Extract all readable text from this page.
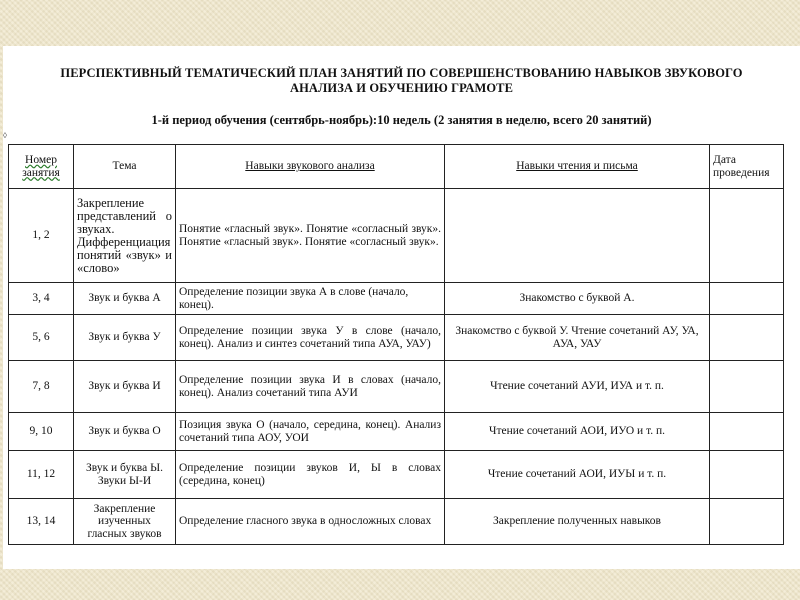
ПЕРСПЕКТИВНЫЙ ТЕМАТИЧЕСКИЙ ПЛАН ЗАНЯТИЙ ПО СОВЕРШЕНСТВОВАНИЮ НАВЫКОВ ЗВУКОВОГО
АНАЛИЗА И ОБУЧЕНИЮ ГРАМОТЕ
◊
1-й период обучения (сентябрь-ноябрь):10 недель (2 занятия в неделю, всего 20 занятий)
Номер занятия	Тема	Навыки звукового анализа	Навыки чтения и письма	Дата проведения
1, 2	Закрепление представлений о звуках. Дифференциация понятий «звук» и «слово»	Понятие «гласный звук». Понятие «согласный звук». Понятие «гласный звук». Понятие «согласный звук».		
3, 4	Звук и буква А	Определение позиции звука А в слове (начало, конец).	Знакомство с буквой А.	
5, 6	Звук и буква У	Определение позиции звука У в слове (начало, конец). Анализ и синтез сочетаний типа АУА, УАУ)	Знакомство с буквой У. Чтение сочетаний АУ, УА, АУА, УАУ	
7, 8	Звук и буква И	Определение позиции звука И в словах (начало, конец). Анализ сочетаний типа АУИ	Чтение сочетаний АУИ, ИУА и т. п.	
9, 10	Звук и буква О	Позиция звука О (начало, середина, конец). Анализ сочетаний типа АОУ, УОИ	Чтение сочетаний АОИ, ИУО и т. п.	
11, 12	Звук и буква Ы. Звуки Ы-И	Определение позиции звуков И, Ы в словах (середина, конец)	Чтение сочетаний АОИ, ИУЫ и т. п.	
13, 14	Закрепление изученных гласных звуков	Определение гласного звука в односложных словах	Закрепление полученных навыков	
